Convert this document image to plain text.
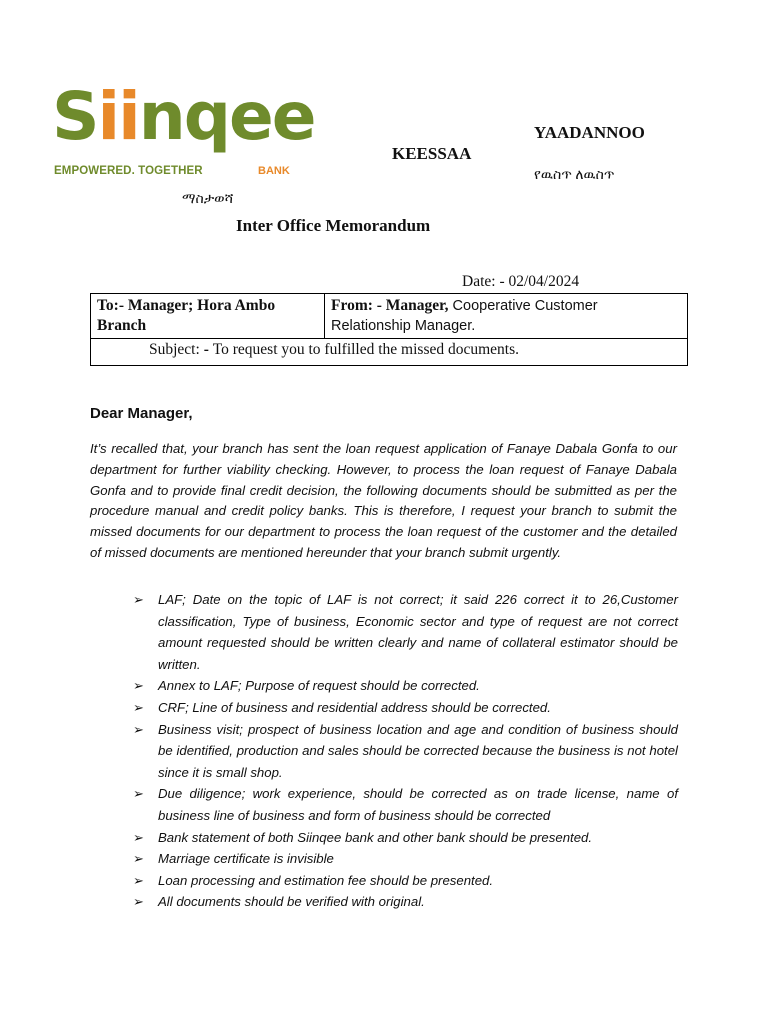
Siinqee
EMPOWERED. TOGETHER	BANK
YAADANNOO
KEESSAA
የዉስጥ ለዉስጥ
ማስታወሻ
Inter Office Memorandum
Date: - 02/04/2024
To:- Manager; Hora Ambo Branch	From: - Manager, Cooperative Customer Relationship Manager.
Subject: - To request you to fulfilled the missed documents.
Dear Manager,

It’s recalled that, your branch has sent the loan request application of Fanaye Dabala Gonfa to our department for further viability checking. However, to process the loan request of Fanaye Dabala Gonfa and to provide final credit decision, the following documents should be submitted as per the procedure manual and credit policy banks. This is therefore, I request your branch to submit the missed documents for our department to process the loan request of the customer and the detailed of missed documents are mentioned hereunder that your branch submit urgently.

➢ LAF; Date on the topic of LAF is not correct; it said 226 correct it to 26,Customer classification, Type of business, Economic sector and type of request are not correct amount requested should be written clearly and name of collateral estimator should be written.
➢ Annex to LAF; Purpose of request should be corrected.
➢ CRF; Line of business and residential address should be corrected.
➢ Business visit; prospect of business location and age and condition of business should be identified, production and sales should be corrected because the business is not hotel since it is small shop.
➢ Due diligence; work experience, should be corrected as on trade license, name of business line of business and form of business should be corrected
➢ Bank statement of both Siinqee bank and other bank should be presented.
➢ Marriage certificate is invisible
➢ Loan processing and estimation fee should be presented.
➢ All documents should be verified with original.
